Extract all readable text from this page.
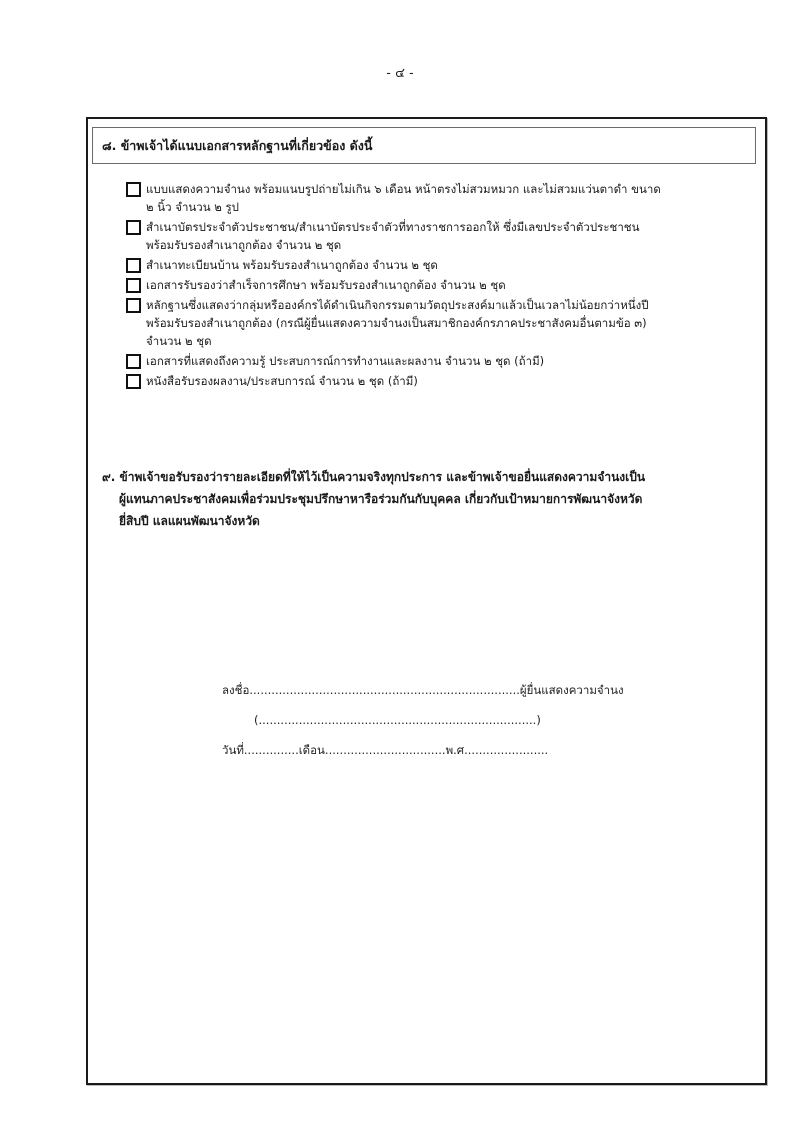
- ๔ -
๘. ข้าพเจ้าได้แนบเอกสารหลักฐานที่เกี่ยวข้อง ดังนี้
แบบแสดงความจำนง พร้อมแนบรูปถ่ายไม่เกิน ๖ เดือน หน้าตรงไม่สวมหมวก และไม่สวมแว่นตาดำ ขนาด
๒ นิ้ว จำนวน ๒ รูป
สำเนาบัตรประจำตัวประชาชน/สำเนาบัตรประจำตัวที่ทางราชการออกให้ ซึ่งมีเลขประจำตัวประชาชน
พร้อมรับรองสำเนาถูกต้อง จำนวน ๒ ชุด
สำเนาทะเบียนบ้าน พร้อมรับรองสำเนาถูกต้อง จำนวน ๒ ชุด
เอกสารรับรองว่าสำเร็จการศึกษา พร้อมรับรองสำเนาถูกต้อง จำนวน ๒ ชุด
หลักฐานซึ่งแสดงว่ากลุ่มหรือองค์กรได้ดำเนินกิจกรรมตามวัตถุประสงค์มาแล้วเป็นเวลาไม่น้อยกว่าหนึ่งปี
พร้อมรับรองสำเนาถูกต้อง (กรณีผู้ยื่นแสดงความจำนงเป็นสมาชิกองค์กรภาคประชาสังคมอื่นตามข้อ ๓)
จำนวน ๒ ชุด
เอกสารที่แสดงถึงความรู้ ประสบการณ์การทำงานและผลงาน จำนวน ๒ ชุด (ถ้ามี)
หนังสือรับรองผลงาน/ประสบการณ์ จำนวน ๒ ชุด (ถ้ามี)
๙. ข้าพเจ้าขอรับรองว่ารายละเอียดที่ให้ไว้เป็นความจริงทุกประการ และข้าพเจ้าขอยื่นแสดงความจำนงเป็น
ผู้แทนภาคประชาสังคมเพื่อร่วมประชุมปรึกษาหารือร่วมกันกับบุคคล เกี่ยวกับเป้าหมายการพัฒนาจังหวัด
ยี่สิบปี แลแผนพัฒนาจังหวัด
ลงชื่อ..........................................................................ผู้ยื่นแสดงความจำนง
(............................................................................)
วันที่...............เดือน.................................พ.ศ.......................
